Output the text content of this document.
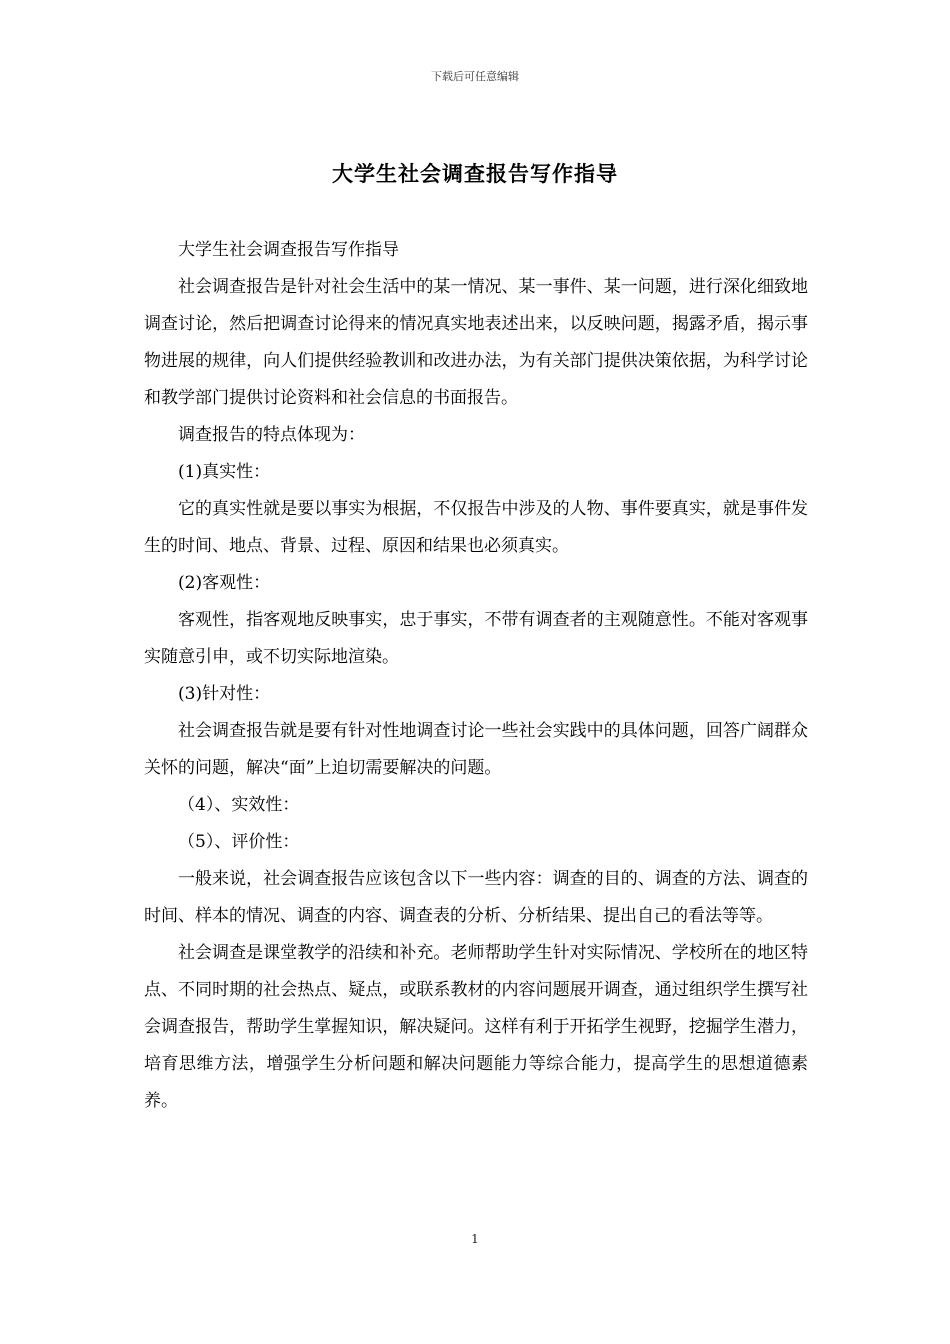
下载后可任意编辑
大学生社会调查报告写作指导

大学生社会调查报告写作指导

社会调查报告是针对社会生活中的某一情况、某一事件、某一问题，进行深化细致地调查讨论，然后把调查讨论得来的情况真实地表述出来，以反映问题，揭露矛盾，揭示事物进展的规律，向人们提供经验教训和改进办法，为有关部门提供决策依据，为科学讨论和教学部门提供讨论资料和社会信息的书面报告。

调查报告的特点体现为：

(1)真实性：

它的真实性就是要以事实为根据，不仅报告中涉及的人物、事件要真实，就是事件发生的时间、地点、背景、过程、原因和结果也必须真实。

(2)客观性：

客观性，指客观地反映事实，忠于事实，不带有调查者的主观随意性。不能对客观事实随意引申，或不切实际地渲染。

(3)针对性：

社会调查报告就是要有针对性地调查讨论一些社会实践中的具体问题，回答广阔群众关怀的问题，解决“面”上迫切需要解决的问题。

（4）、实效性：

（5）、评价性：

一般来说，社会调查报告应该包含以下一些内容：调查的目的、调查的方法、调查的时间、样本的情况、调查的内容、调查表的分析、分析结果、提出自己的看法等等。

社会调查是课堂教学的沿续和补充。老师帮助学生针对实际情况、学校所在的地区特点、不同时期的社会热点、疑点，或联系教材的内容问题展开调查，通过组织学生撰写社会调查报告，帮助学生掌握知识，解决疑问。这样有利于开拓学生视野，挖掘学生潜力，培育思维方法，增强学生分析问题和解决问题能力等综合能力，提高学生的思想道德素养。

1
